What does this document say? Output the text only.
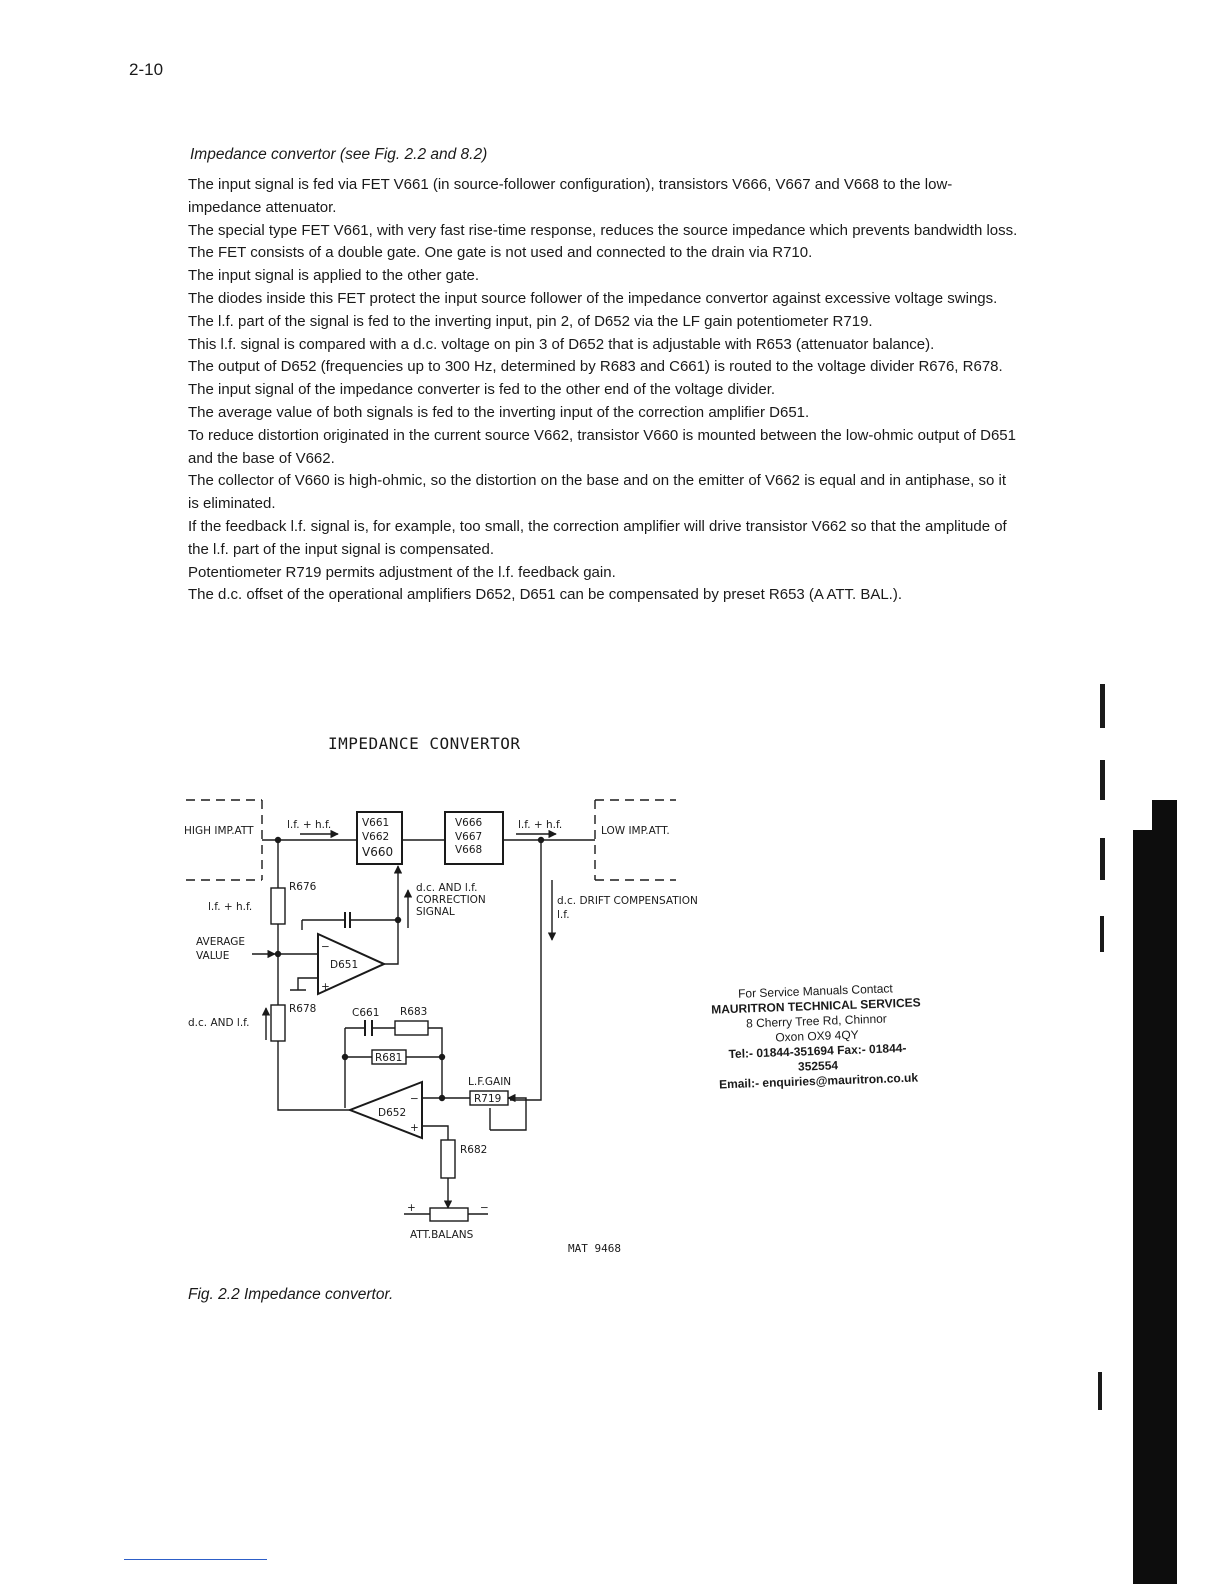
2-10
Impedance convertor (see Fig. 2.2 and 8.2)

The input signal is fed via FET V661 (in source-follower configuration), transistors V666, V667 and V668 to the low-impedance attenuator.

The special type FET V661, with very fast rise-time response, reduces the source impedance which prevents bandwidth loss.

The FET consists of a double gate. One gate is not used and connected to the drain via R710.

The input signal is applied to the other gate.

The diodes inside this FET protect the input source follower of the impedance convertor against excessive voltage swings.

The l.f. part of the signal is fed to the inverting input, pin 2, of D652 via the LF gain potentiometer R719.

This l.f. signal is compared with a d.c. voltage on pin 3 of D652 that is adjustable with R653 (attenuator balance).

The output of D652 (frequencies up to 300 Hz, determined by R683 and C661) is routed to the voltage divider R676, R678.

The input signal of the impedance converter is fed to the other end of the voltage divider.

The average value of both signals is fed to the inverting input of the correction amplifier D651.

To reduce distortion originated in the current source V662, transistor V660 is mounted between the low-ohmic output of D651 and the base of V662.

The collector of V660 is high-ohmic, so the distortion on the base and on the emitter of V662 is equal and in antiphase, so it is eliminated.

If the feedback l.f. signal is, for example, too small, the correction amplifier will drive transistor V662 so that the amplitude of the l.f. part of the input signal is compensated.

Potentiometer R719 permits adjustment of the l.f. feedback gain.

The d.c. offset of the operational amplifiers D652, D651 can be compensated by preset R653 (A ATT. BAL.).

IMPEDANCE CONVERTOR
HIGH IMP.ATT	l.f. + h.f.	l.f. + h.f.	LOW IMP.ATT.
V661
V662
V660
V666
V667
V668
R676
l.f. + h.f.
d.c. AND l.f.
CORRECTION
SIGNAL
d.c. DRIFT COMPENSATION
l.f.
AVERAGE
VALUE
D651
−
+
R678
d.c. AND l.f.
C661 R683
R681
L.F.GAIN
R719
D652
−
+
R682
+	−
ATT.BALANS
MAT 9468
For Service Manuals Contact
MAURITRON TECHNICAL SERVICES
8 Cherry Tree Rd, Chinnor
Oxon OX9 4QY
Tel:- 01844-351694 Fax:- 01844-352554
Email:- enquiries@mauritron.co.uk
Fig. 2.2 Impedance convertor.
